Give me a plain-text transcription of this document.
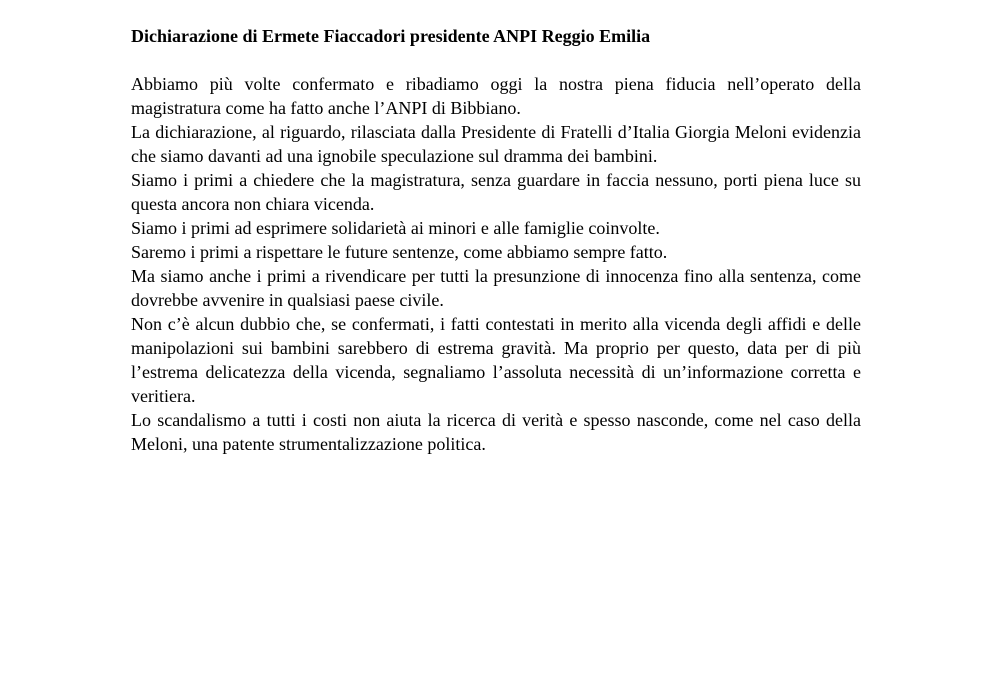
Dichiarazione di Ermete Fiaccadori presidente ANPI Reggio Emilia

Abbiamo più volte confermato e ribadiamo oggi la nostra piena fiducia nell’operato della magistratura come ha fatto anche l’ANPI di Bibbiano.

La dichiarazione, al riguardo, rilasciata dalla Presidente di Fratelli d’Italia Giorgia Meloni evidenzia che siamo davanti ad una ignobile speculazione sul dramma dei bambini.

Siamo i primi a chiedere che la magistratura, senza guardare in faccia nessuno, porti piena luce su questa ancora non chiara vicenda.

Siamo i primi ad esprimere solidarietà ai minori e alle famiglie coinvolte.

Saremo i primi a rispettare le future sentenze, come abbiamo sempre fatto.

Ma siamo anche i primi a rivendicare per tutti la presunzione di innocenza fino alla sentenza, come dovrebbe avvenire in qualsiasi paese civile.

Non c’è alcun dubbio che, se confermati, i fatti contestati in merito alla vicenda degli affidi e delle manipolazioni sui bambini sarebbero di estrema gravità. Ma proprio per questo, data per di più l’estrema delicatezza della vicenda, segnaliamo l’assoluta necessità di un’informazione corretta e veritiera.

Lo scandalismo a tutti i costi non aiuta la ricerca di verità e spesso nasconde, come nel caso della Meloni, una patente strumentalizzazione politica.
